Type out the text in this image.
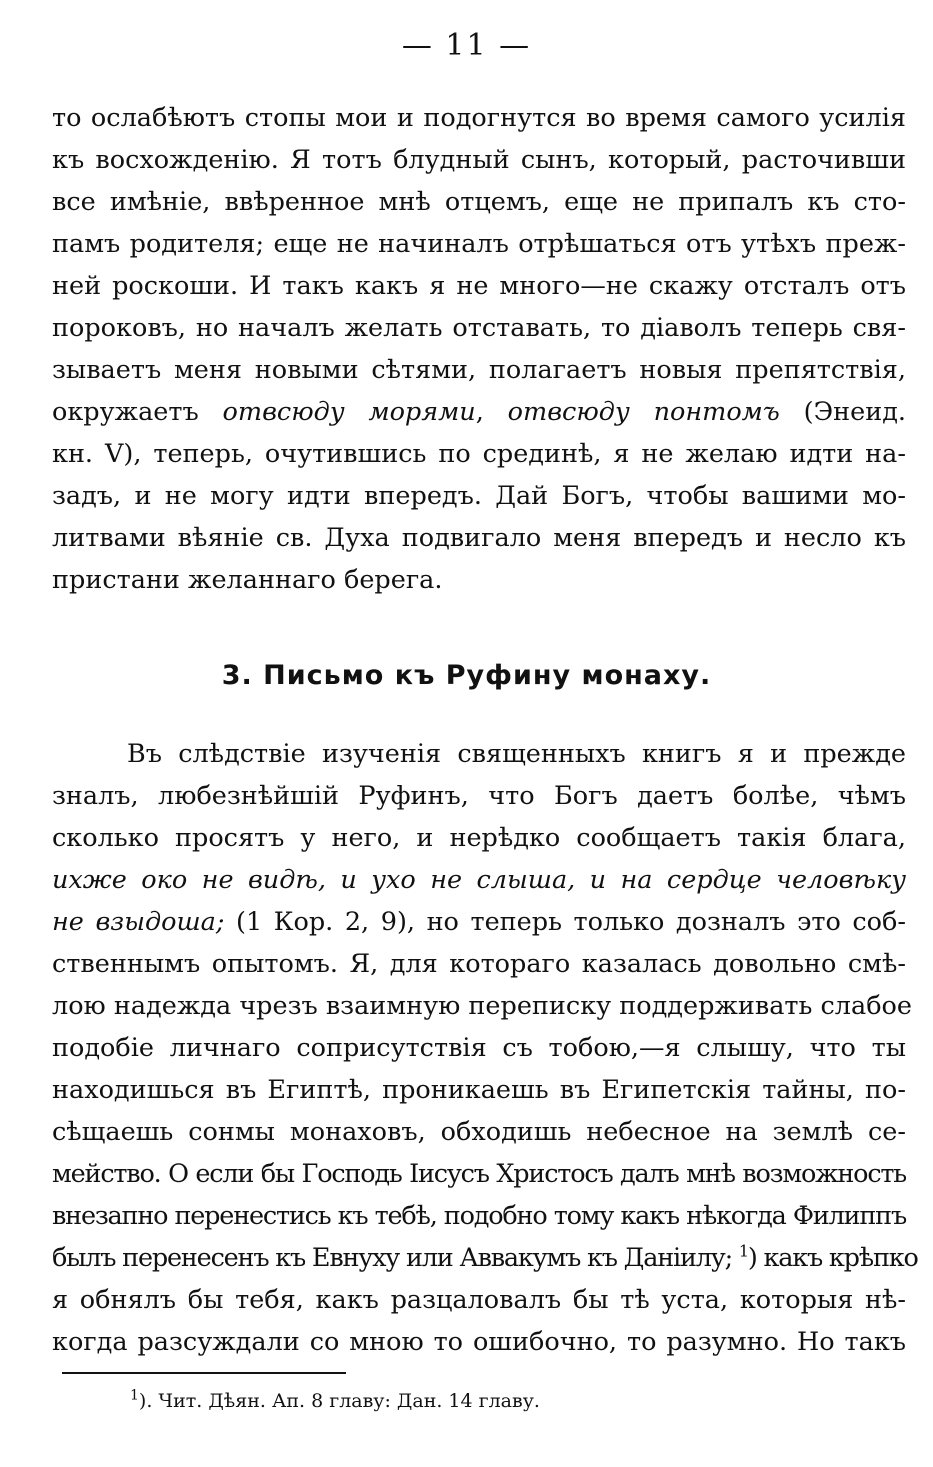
— 11 —
то ослабѣютъ стопы мои и подогнутся во время самого усилія
къ восхожденію. Я тотъ блудный сынъ, который, расточивши
все имѣніе, ввѣренное мнѣ отцемъ, еще не припалъ къ сто-
памъ родителя; еще не начиналъ отрѣшаться отъ утѣхъ преж-
ней роскоши. И такъ какъ я не много—не скажу отсталъ отъ
пороковъ, но началъ желать отставать, то діаволъ теперь свя-
зываетъ меня новыми сѣтями, полагаетъ новыя препятствія,
окружаетъ отвсюду морями, отвсюду понтомъ (Энеид.
кн. V), теперь, очутившись по срединѣ, я не желаю идти на-
задъ, и не могу идти впередъ. Дай Богъ, чтобы вашими мо-
литвами вѣяніе св. Духа подвигало меня впередъ и несло къ
пристани желаннаго берега.
3. Письмо къ Руфину монаху.
Въ слѣдствіе изученія священныхъ книгъ я и прежде
зналъ, любезнѣйшій Руфинъ, что Богъ даетъ болѣе, чѣмъ
сколько просятъ у него, и нерѣдко сообщаетъ такія блага,
ихже око не видѣ, и ухо не слыша, и на сердце человѣку
не взыдоша; (1 Кор. 2, 9), но теперь только дозналъ это соб-
ственнымъ опытомъ. Я, для котораго казалась довольно смѣ-
лою надежда чрезъ взаимную переписку поддерживать слабое
подобіе личнаго соприсутствія съ тобою,—я слышу, что ты
находишься въ Египтѣ, проникаешь въ Египетскія тайны, по-
сѣщаешь сонмы монаховъ, обходишь небесное на землѣ се-
мейство. О если бы Господь Іисусъ Христосъ далъ мнѣ возможность
внезапно перенестись къ тебѣ, подобно тому какъ нѣкогда Филиппъ
былъ перенесенъ къ Евнуху или Аввакумъ къ Даніилу; $^1$) какъ крѣпко
я обнялъ бы тебя, какъ разцаловалъ бы тѣ уста, которыя нѣ-
когда разсуждали со мною то ошибочно, то разумно. Но такъ
$^1$). Чит. Дѣян. Ап. 8 главу: Дан. 14 главу.
